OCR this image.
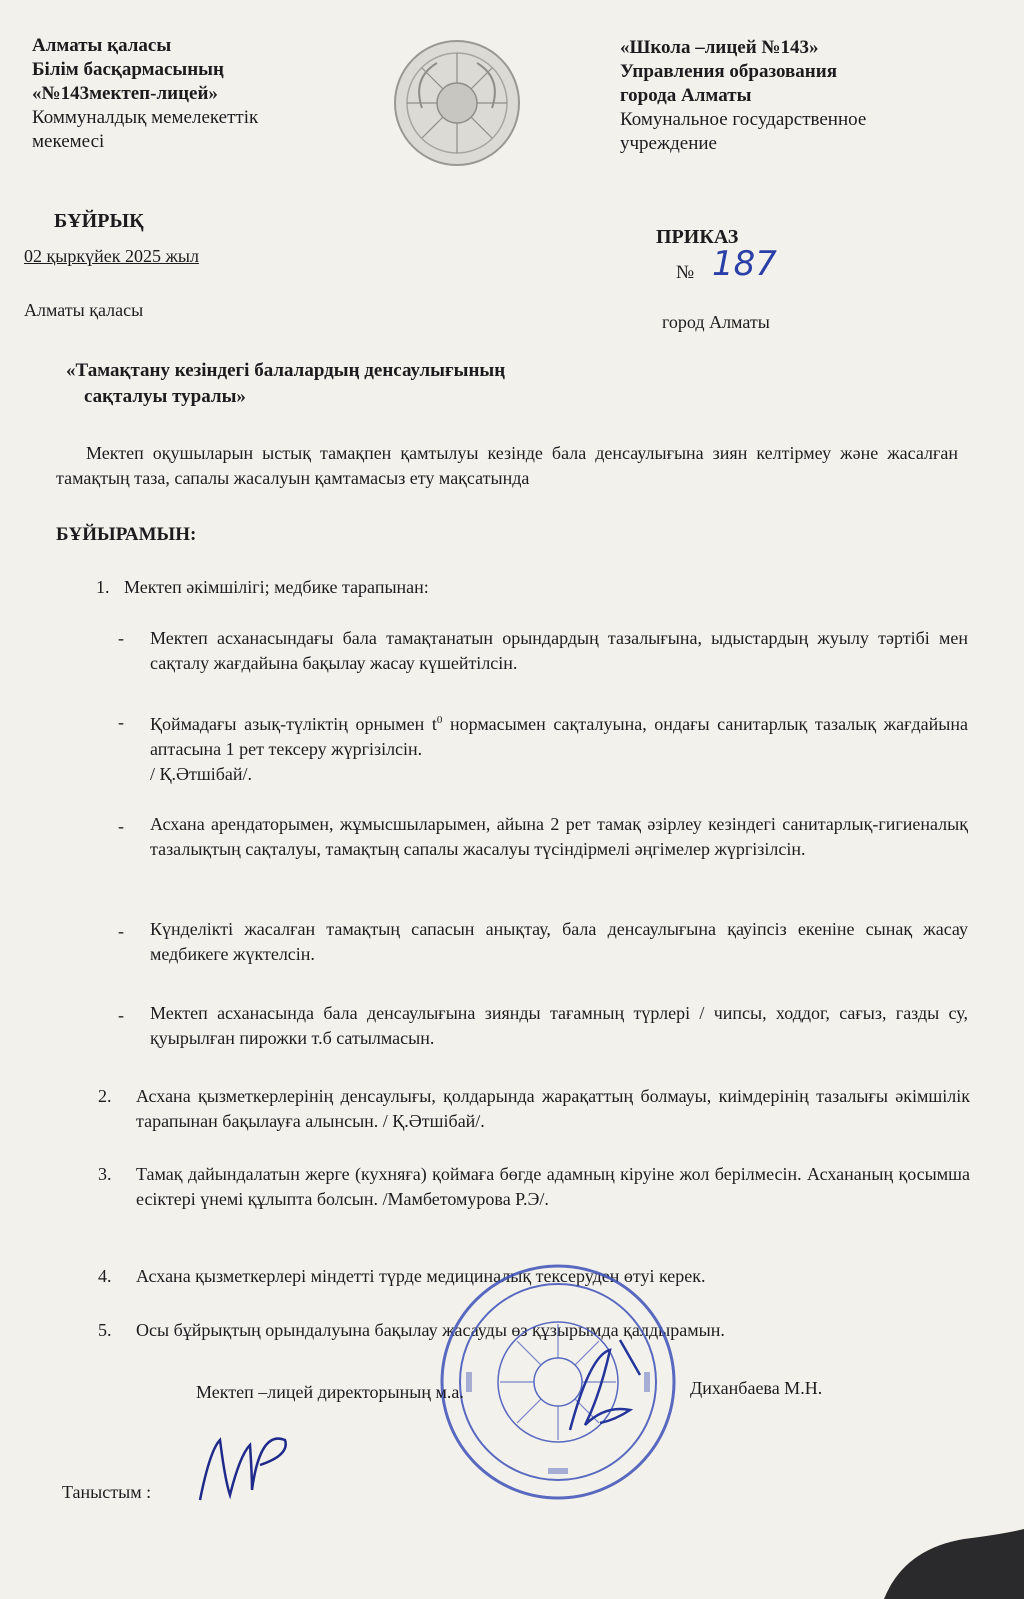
Алматы қаласы
Білім басқармасының
«№143мектеп-лицей»
Коммуналдық мемелекеттік
мекемесі
«Школа –лицей №143»
Управления образования
города Алматы
Комунальное государственное
учреждение
БҰЙРЫҚ
02 қыркүйек 2025 жыл
Алматы қаласы
ПРИКАЗ
№ 187
город Алматы
«Тамақтану кезіндегі балалардың денсаулығының
сақталуы туралы»
Мектеп оқушыларын ыстық тамақпен қамтылуы кезінде бала денсаулығына зиян келтірмеу және жасалған тамақтың таза, сапалы жасалуын қамтамасыз ету мақсатында
БҰЙЫРАМЫН:
1. Мектеп әкімшілігі; медбике тарапынан:
- Мектеп асханасындағы бала тамақтанатын орындардың тазалығына, ыдыстардың жуылу тәртібі мен сақталу жағдайына бақылау жасау күшейтілсін.
- Қоймадағы азық-түліктің орнымен $t^0$ нормасымен сақталуына, ондағы санитарлық тазалық жағдайына аптасына 1 рет тексеру жүргізілсін.
/ Қ.Әтшібай/.
- Асхана арендаторымен, жұмысшыларымен, айына 2 рет тамақ әзірлеу кезіндегі санитарлық-гигиеналық тазалықтың сақталуы, тамақтың сапалы жасалуы түсіндірмелі әңгімелер жүргізілсін.
- Күнделікті жасалған тамақтың сапасын анықтау, бала денсаулығына қауіпсіз екеніне сынақ жасау медбикеге жүктелсін.
- Мектеп асханасында бала денсаулығына зиянды тағамның түрлері / чипсы, ходдог, сағыз, газды су, қуырылған пирожки т.б сатылмасын.
2. Асхана қызметкерлерінің денсаулығы, қолдарында жарақаттың болмауы, киімдерінің тазалығы әкімшілік тарапынан бақылауға алынсын. / Қ.Әтшібай/.
3. Тамақ дайындалатын жерге (кухняға) қоймаға бөгде адамның кіруіне жол берілмесін. Асхананың қосымша есіктері үнемі құлыпта болсын. /Мамбетомурова Р.Э/.
4. Асхана қызметкерлері міндетті түрде медициналық тексеруден өтуі керек.
5. Осы бұйрықтың орындалуына бақылау жасауды өз құзырымда қалдырамын.
Мектеп –лицей директорының м.а.	Диханбаева М.Н.
Таныстым :
